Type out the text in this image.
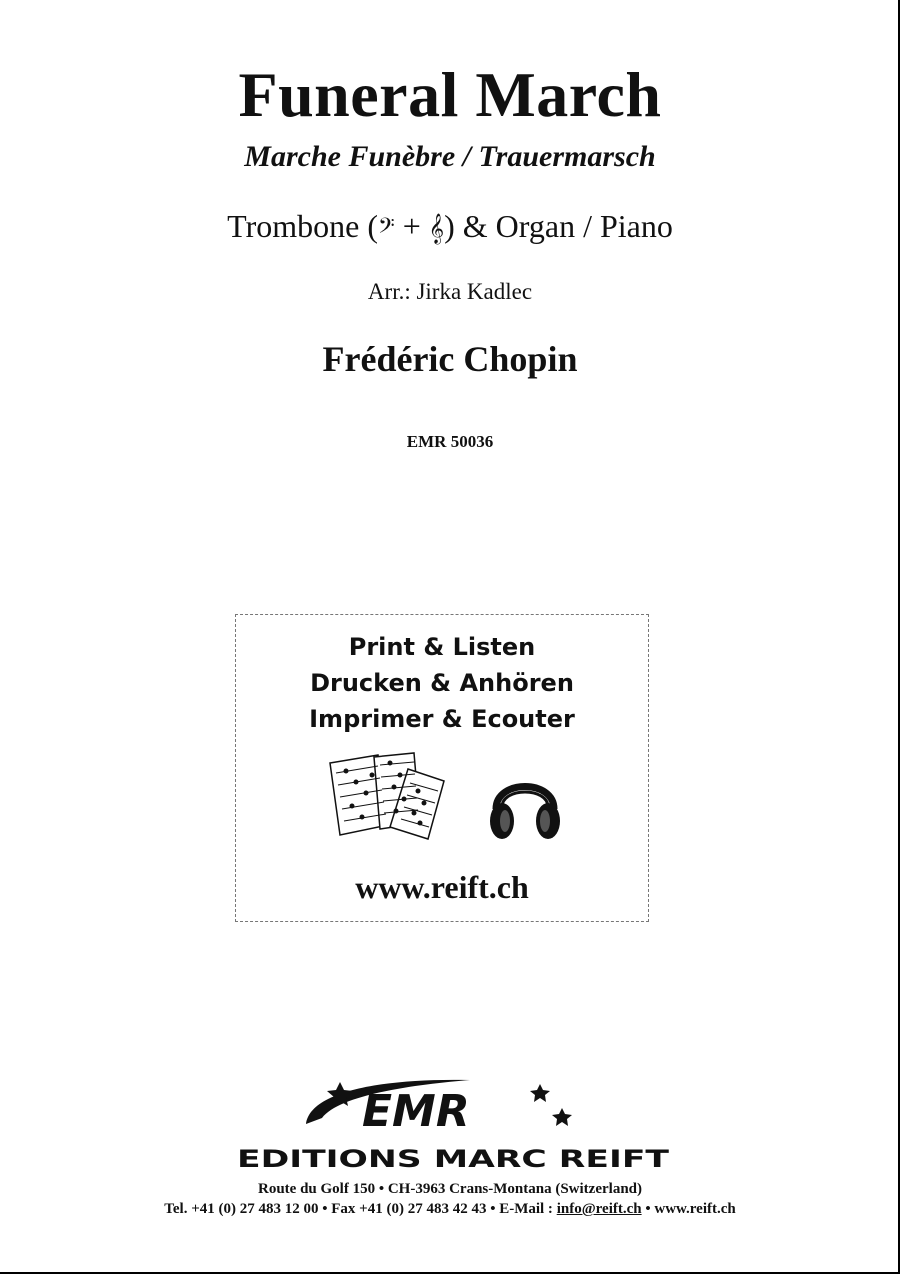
Funeral March
Marche Funèbre / Trauermarsch
Trombone (𝄢 + 𝄞) & Organ / Piano
Arr.: Jirka Kadlec
Frédéric Chopin
EMR 50036
Print & Listen
Drucken & Anhören
Imprimer & Ecouter
www.reift.ch
EMR
EDITIONS MARC REIFT
Route du Golf 150 • CH-3963 Crans-Montana (Switzerland)
Tel. +41 (0) 27 483 12 00 • Fax +41 (0) 27 483 42 43 • E-Mail : info@reift.ch • www.reift.ch
